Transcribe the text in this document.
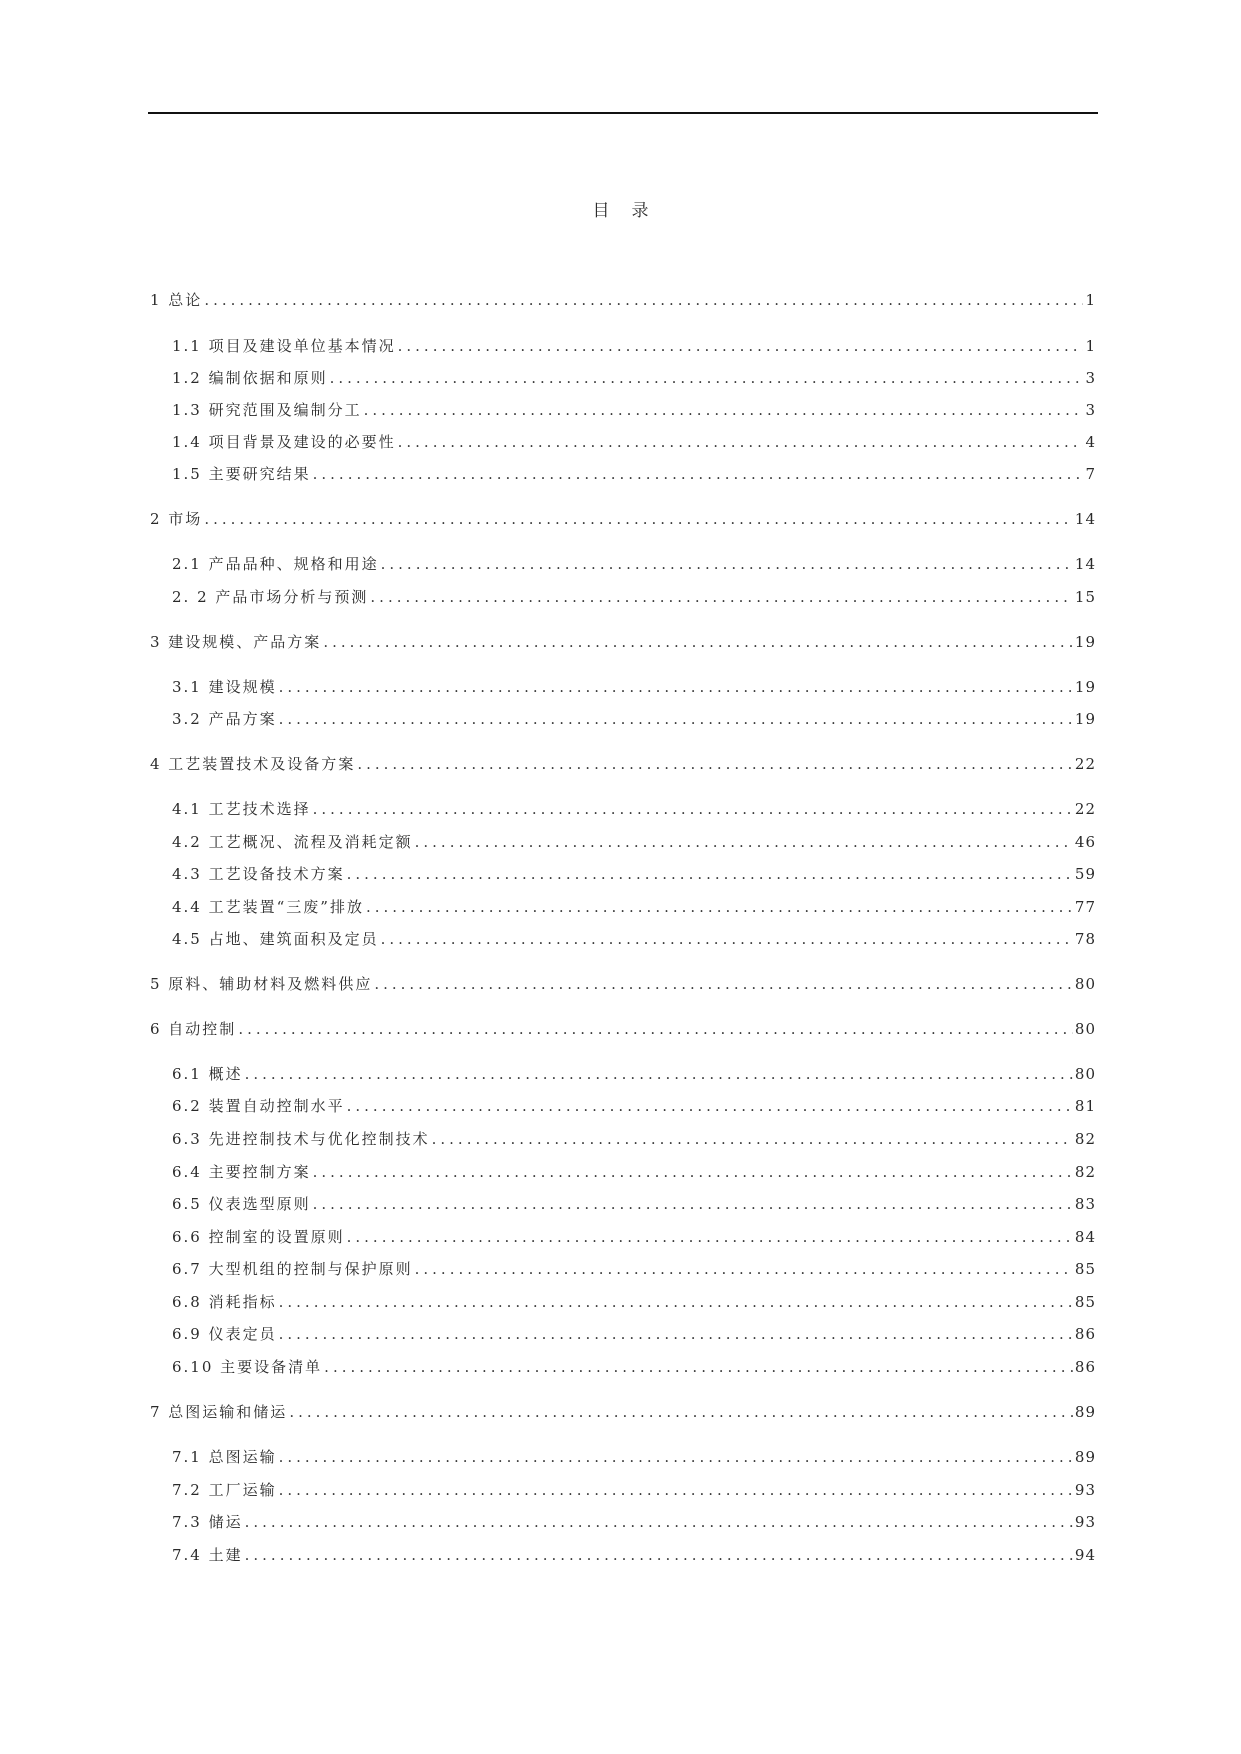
目录
1 总论 .....	1
1.1 项目及建设单位基本情况 .....	1
1.2 编制依据和原则 .....	3
1.3 研究范围及编制分工 .....	3
1.4 项目背景及建设的必要性 .....	4
1.5 主要研究结果 .....	7
2 市场 .....	14
2.1 产品品种、规格和用途 .....	14
2. 2 产品市场分析与预测 .....	15
3 建设规模、产品方案 .....	19
3.1 建设规模 .....	19
3.2 产品方案 .....	19
4 工艺装置技术及设备方案 .....	22
4.1 工艺技术选择 .....	22
4.2 工艺概况、流程及消耗定额 .....	46
4.3 工艺设备技术方案 .....	59
4.4 工艺装置“三废”排放 .....	77
4.5 占地、建筑面积及定员 .....	78
5 原料、辅助材料及燃料供应 .....	80
6 自动控制 .....	80
6.1 概述 .....	80
6.2 装置自动控制水平 .....	81
6.3 先进控制技术与优化控制技术 .....	82
6.4 主要控制方案 .....	82
6.5 仪表选型原则 .....	83
6.6 控制室的设置原则 .....	84
6.7 大型机组的控制与保护原则 .....	85
6.8 消耗指标 .....	85
6.9 仪表定员 .....	86
6.10 主要设备清单 .....	86
7 总图运输和储运 .....	89
7.1 总图运输 .....	89
7.2 工厂运输 .....	93
7.3 储运 .....	93
7.4 土建 .....	94
